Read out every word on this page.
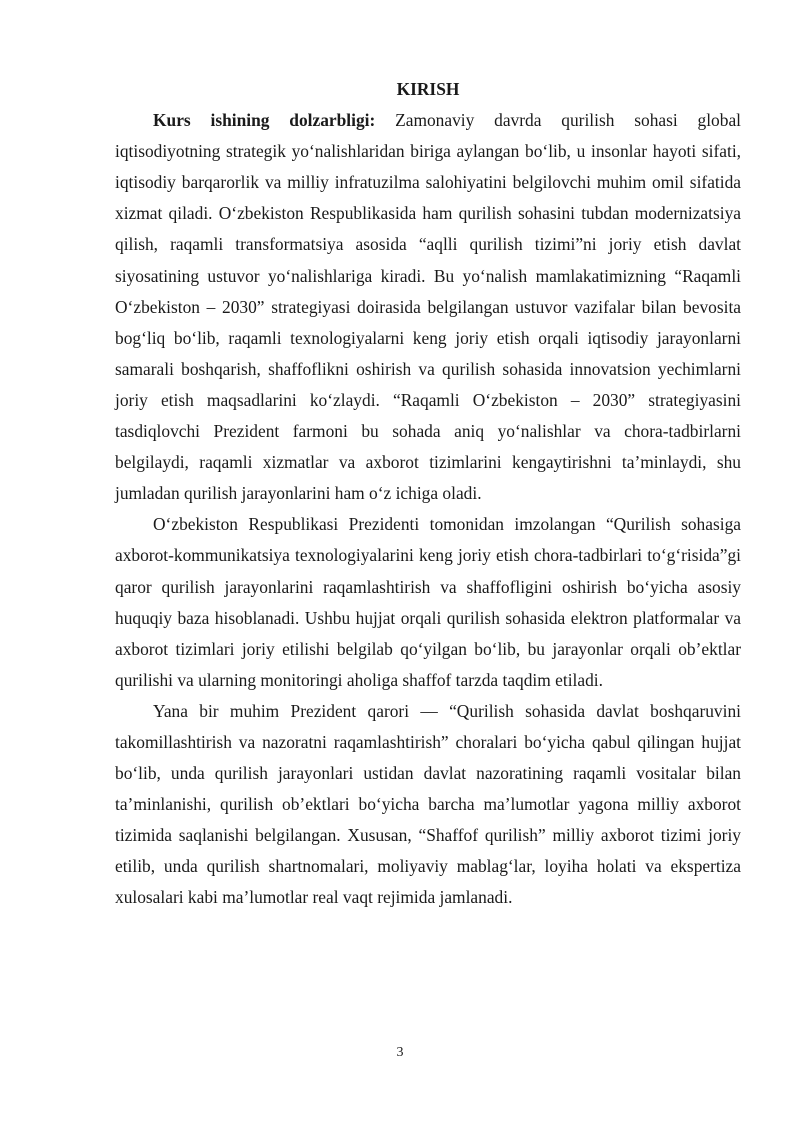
KIRISH

Kurs ishining dolzarbligi: Zamonaviy davrda qurilish sohasi global iqtisodiyotning strategik yo‘nalishlaridan biriga aylangan bo‘lib, u insonlar hayoti sifati, iqtisodiy barqarorlik va milliy infratuzilma salohiyatini belgilovchi muhim omil sifatida xizmat qiladi. O‘zbekiston Respublikasida ham qurilish sohasini tubdan modernizatsiya qilish, raqamli transformatsiya asosida “aqlli qurilish tizimi”ni joriy etish davlat siyosatining ustuvor yo‘nalishlariga kiradi. Bu yo‘nalish mamlakatimizning “Raqamli O‘zbekiston – 2030” strategiyasi doirasida belgilangan ustuvor vazifalar bilan bevosita bog‘liq bo‘lib, raqamli texnologiyalarni keng joriy etish orqali iqtisodiy jarayonlarni samarali boshqarish, shaffoflikni oshirish va qurilish sohasida innovatsion yechimlarni joriy etish maqsadlarini ko‘zlaydi. “Raqamli O‘zbekiston – 2030” strategiyasini tasdiqlovchi Prezident farmoni bu sohada aniq yo‘nalishlar va chora-tadbirlarni belgilaydi, raqamli xizmatlar va axborot tizimlarini kengaytirishni ta’minlaydi, shu jumladan qurilish jarayonlarini ham o‘z ichiga oladi.

O‘zbekiston Respublikasi Prezidenti tomonidan imzolangan “Qurilish sohasiga axborot-kommunikatsiya texnologiyalarini keng joriy etish chora-tadbirlari to‘g‘risida”gi qaror qurilish jarayonlarini raqamlashtirish va shaffofligini oshirish bo‘yicha asosiy huquqiy baza hisoblanadi. Ushbu hujjat orqali qurilish sohasida elektron platformalar va axborot tizimlari joriy etilishi belgilab qo‘yilgan bo‘lib, bu jarayonlar orqali ob’ektlar qurilishi va ularning monitoringi aholiga shaffof tarzda taqdim etiladi.

Yana bir muhim Prezident qarori — “Qurilish sohasida davlat boshqaruvini takomillashtirish va nazoratni raqamlashtirish” choralari bo‘yicha qabul qilingan hujjat bo‘lib, unda qurilish jarayonlari ustidan davlat nazoratining raqamli vositalar bilan ta’minlanishi, qurilish ob’ektlari bo‘yicha barcha ma’lumotlar yagona milliy axborot tizimida saqlanishi belgilangan. Xususan, “Shaffof qurilish” milliy axborot tizimi joriy etilib, unda qurilish shartnomalari, moliyaviy mablag‘lar, loyiha holati va ekspertiza xulosalari kabi ma’lumotlar real vaqt rejimida jamlanadi.

3
